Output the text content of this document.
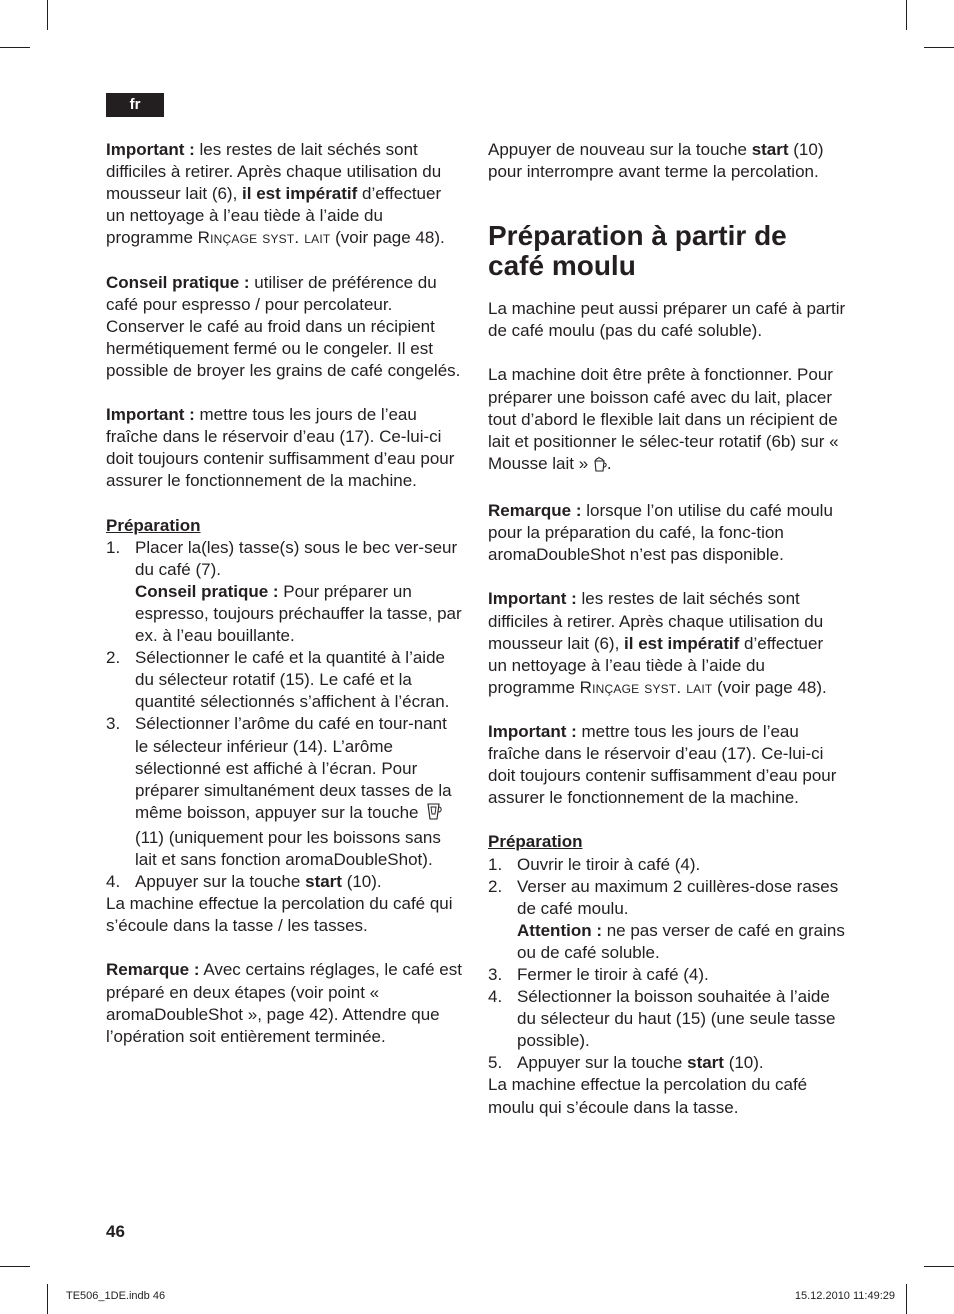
fr

Important : les restes de lait séchés sont difficiles à retirer. Après chaque utilisation du mousseur lait (6), il est impératif d’effectuer un nettoyage à l’eau tiède à l’aide du programme Rinçage syst. lait (voir page 48).

Conseil pratique : utiliser de préférence du café pour espresso / pour percolateur. Conserver le café au froid dans un récipient hermétiquement fermé ou le congeler. Il est possible de broyer les grains de café congelés.

Important : mettre tous les jours de l’eau fraîche dans le réservoir d’eau (17). Ce-lui-ci doit toujours contenir suffisamment d’eau pour assurer le fonctionnement de la machine.

Préparation

1. Placer la(les) tasse(s) sous le bec ver-seur du café (7).
Conseil pratique : Pour préparer un espresso, toujours préchauffer la tasse, par ex. à l’eau bouillante.
2. Sélectionner le café et la quantité à l’aide du sélecteur rotatif (15). Le café et la quantité sélectionnés s’affichent à l’écran.
3. Sélectionner l’arôme du café en tour-nant le sélecteur inférieur (14). L’arôme sélectionné est affiché à l’écran. Pour préparer simultanément deux tasses de la même boisson, appuyer sur la touche  (11) (uniquement pour les boissons sans lait et sans fonction aromaDoubleShot).
4. Appuyer sur la touche start (10).

La machine effectue la percolation du café qui s’écoule dans la tasse / les tasses.

Remarque : Avec certains réglages, le café est préparé en deux étapes (voir point « aromaDoubleShot », page 42). Attendre que l’opération soit entièrement terminée.

Appuyer de nouveau sur la touche start (10) pour interrompre avant terme la percolation.

Préparation à partir de café moulu

La machine peut aussi préparer un café à partir de café moulu (pas du café soluble).

La machine doit être prête à fonctionner. Pour préparer une boisson café avec du lait, placer tout d’abord le flexible lait dans un récipient de lait et positionner le sélec-teur rotatif (6b) sur « Mousse lait » .

Remarque : lorsque l’on utilise du café moulu pour la préparation du café, la fonc-tion aromaDoubleShot n’est pas disponible.

Important : les restes de lait séchés sont difficiles à retirer. Après chaque utilisation du mousseur lait (6), il est impératif d’effectuer un nettoyage à l’eau tiède à l’aide du programme Rinçage syst. lait (voir page 48).

Important : mettre tous les jours de l’eau fraîche dans le réservoir d’eau (17). Ce-lui-ci doit toujours contenir suffisamment d’eau pour assurer le fonctionnement de la machine.

Préparation

1. Ouvrir le tiroir à café (4).
2. Verser au maximum 2 cuillères-dose rases de café moulu.
Attention : ne pas verser de café en grains ou de café soluble.
3. Fermer le tiroir à café (4).
4. Sélectionner la boisson souhaitée à l’aide du sélecteur du haut (15) (une seule tasse possible).
5. Appuyer sur la touche start (10).

La machine effectue la percolation du café moulu qui s’écoule dans la tasse.

46
TE506_1DE.indb 46	15.12.2010 11:49:29
